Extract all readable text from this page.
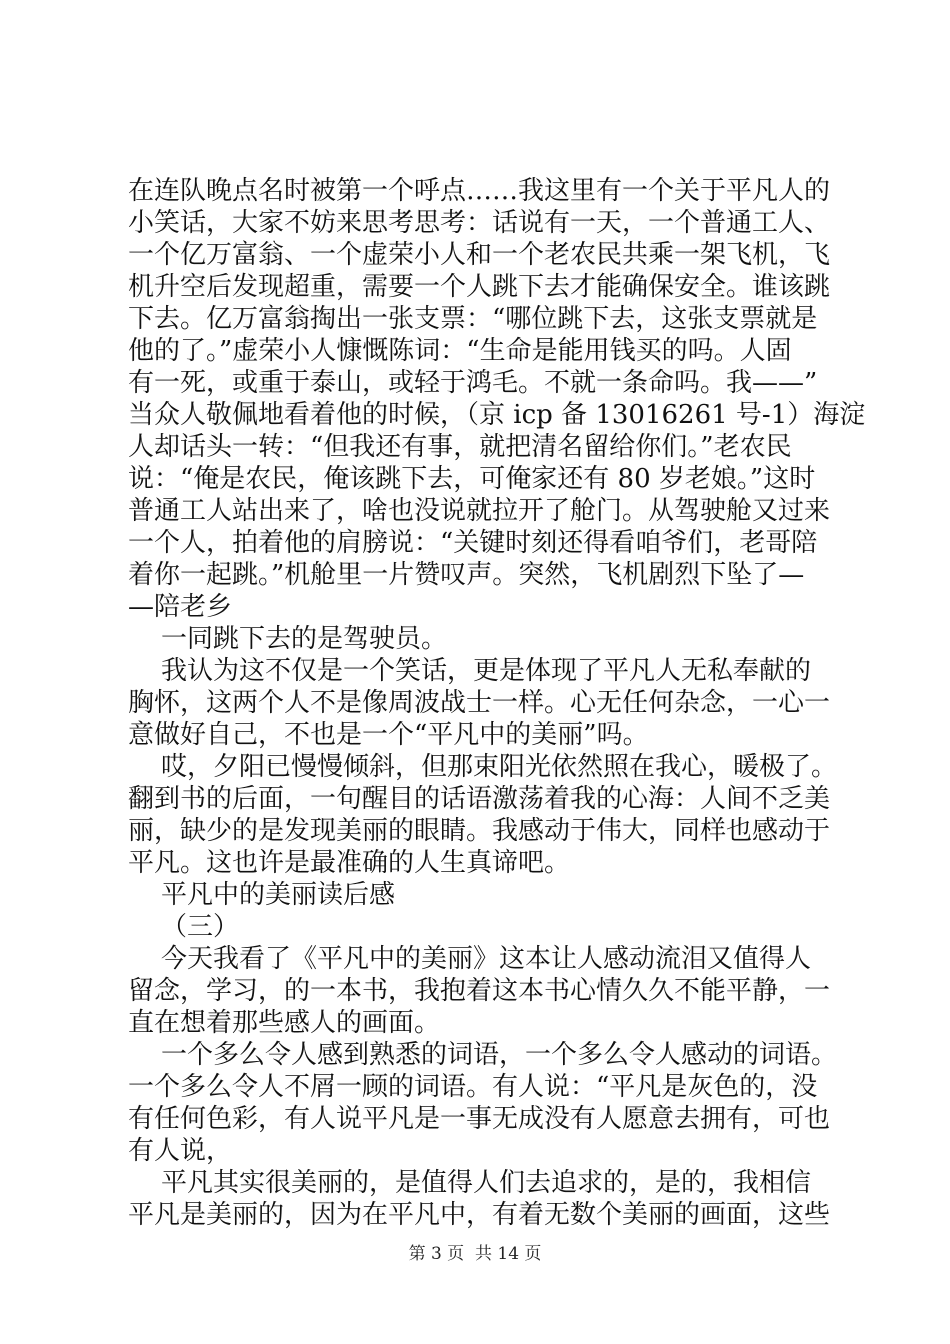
在连队晚点名时被第一个呼点……我这里有一个关于平凡人的
小笑话，大家不妨来思考思考：话说有一天，一个普通工人、
一个亿万富翁、一个虚荣小人和一个老农民共乘一架飞机，飞
机升空后发现超重，需要一个人跳下去才能确保安全。谁该跳
下去。亿万富翁掏出一张支票：“哪位跳下去，这张支票就是
他的了。”虚荣小人慷慨陈词：“生命是能用钱买的吗。人固
有一死，或重于泰山，或轻于鸿毛。不就一条命吗。我——”
当众人敬佩地看着他的时候，（京 icp 备 13016261 号-1）海淀
人却话头一转：“但我还有事，就把清名留给你们。”老农民
说：“俺是农民，俺该跳下去，可俺家还有 80 岁老娘。”这时
普通工人站出来了，啥也没说就拉开了舱门。从驾驶舱又过来
一个人，拍着他的肩膀说：“关键时刻还得看咱爷们，老哥陪
着你一起跳。”机舱里一片赞叹声。突然，飞机剧烈下坠了—
—陪老乡
一同跳下去的是驾驶员。
我认为这不仅是一个笑话，更是体现了平凡人无私奉献的
胸怀，这两个人不是像周波战士一样。心无任何杂念，一心一
意做好自己，不也是一个“平凡中的美丽”吗。
哎，夕阳已慢慢倾斜，但那束阳光依然照在我心，暖极了。
翻到书的后面，一句醒目的话语激荡着我的心海：人间不乏美
丽，缺少的是发现美丽的眼睛。我感动于伟大，同样也感动于
平凡。这也许是最准确的人生真谛吧。
平凡中的美丽读后感
（三）
今天我看了《平凡中的美丽》这本让人感动流泪又值得人
留念，学习，的一本书，我抱着这本书心情久久不能平静，一
直在想着那些感人的画面。
一个多么令人感到熟悉的词语，一个多么令人感动的词语。
一个多么令人不屑一顾的词语。有人说：“平凡是灰色的，没
有任何色彩，有人说平凡是一事无成没有人愿意去拥有，可也
有人说，
平凡其实很美丽的，是值得人们去追求的，是的，我相信
平凡是美丽的，因为在平凡中，有着无数个美丽的画面，这些
第 3 页  共 14 页
